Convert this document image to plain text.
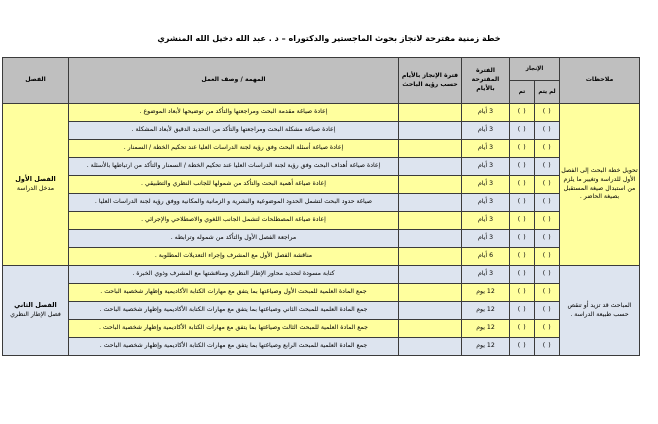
خطة زمنية مقترحة لانجاز بحوث الماجستير والدكتوراه – د . عبد الله دخيل الله المنشري
ملاحظات	الإنجاز		الفترة المقترحة بالأيام	فترة الإنجاز بالأيام حسب رؤية الباحث	المهمة / وصف العمل	الفصل
	لم يتم	تم				
تحويل خطة البحث إلى الفصل الأول للدراسة وتغيير ما يلزم من استبدال صيغة المستقبل بصيغة الحاضر .	( )	( )	3 أيام		إعادة صياغة مقدمة البحث ومراجعتها والتأكد من توضيحها لأبعاد الموضوع .	الفصل الأول
مدخل الدراسة

	( )	( )	3 أيام		إعادة صياغة مشكلة البحث ومراجعتها والتأكد من التحديد الدقيق لأبعاد المشكلة .	
	( )	( )	3 أيام		إعادة صياغة أسئلة البحث وفق رؤية لجنة الدراسات العليا عند تحكيم الخطة / السمنار .	
	( )	( )	3 أيام		إعادة صياغة أهداف البحث وفق رؤية لجنة الدراسات العليا عند تحكيم الخطة / السمنار والتأكد من ارتباطها بالأسئلة .	
	( )	( )	3 أيام		إعادة صياغة أهمية البحث والتأكد من شمولها للجانب النظري والتطبيقي .	
	( )	( )	3 أيام		صياغة حدود البحث لتشمل الحدود الموضوعية والبشرية و الزمانية والمكانية ووفق رؤية لجنة الدراسات العليا .	
	( )	( )	3 أيام		إعادة صياغة المصطلحات لتشمل الجانب اللغوي والاصطلاحي والإجرائي .	
	( )	( )	3 أيام		مراجعة الفصل الأول والتأكد من شموله وترابطه .	
	( )	( )	6 أيام		مناقشة الفصل الأول مع المشرف وإجراء التعديلات المطلوبة .	
المباحث قد تزيد أو تنقص حسب طبيعة الدراسة .	( )	( )	3 أيام		كتابة مسودة لتحديد محاور الإطار النظري ومناقشتها مع المشرف وذوي الخبرة .	الفصل الثاني
فصل الإطار النظري

	( )	( )	12 يوم		جمع المادة العلمية للمبحث الأول وصياغتها بما يتفق مع مهارات الكتابة الأكاديمية وإظهار شخصية الباحث .	
	( )	( )	12 يوم		جمع المادة العلمية للمبحث الثاني وصياغتها بما يتفق مع مهارات الكتابة الأكاديمية وإظهار شخصية الباحث .	
	( )	( )	12 يوم		جمع المادة العلمية للمبحث الثالث وصياغتها بما يتفق مع مهارات الكتابة الأكاديمية وإظهار شخصية الباحث .	
	( )	( )	12 يوم		جمع المادة العلمية للمبحث الرابع وصياغتها بما يتفق مع مهارات الكتابة الأكاديمية وإظهار شخصية الباحث .	
